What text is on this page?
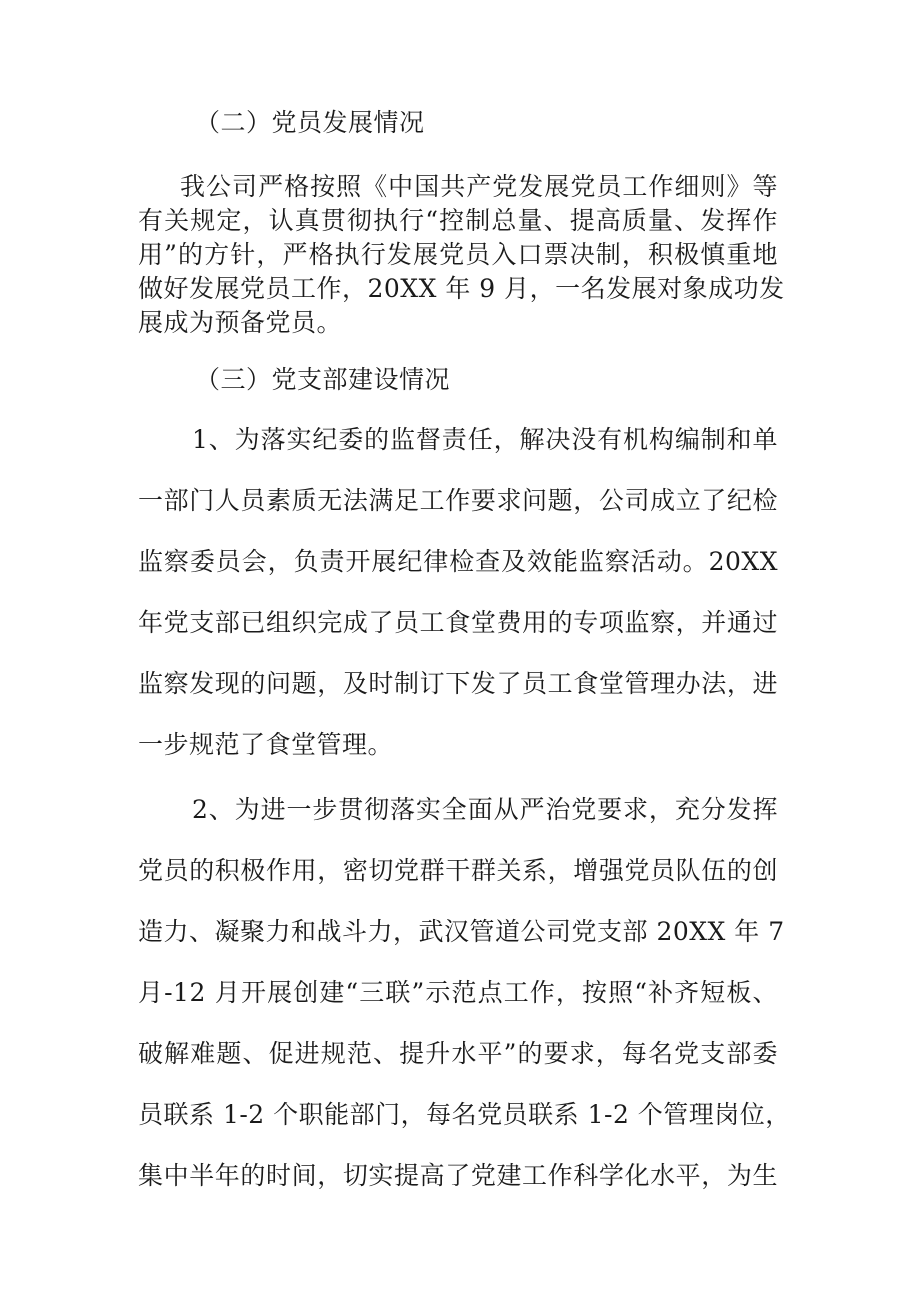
（二）党员发展情况
我公司严格按照《中国共产党发展党员工作细则》等
有关规定，认真贯彻执行“控制总量、提高质量、发挥作
用”的方针，严格执行发展党员入口票决制，积极慎重地
做好发展党员工作，20XX 年 9 月，一名发展对象成功发
展成为预备党员。
（三）党支部建设情况
1、为落实纪委的监督责任，解决没有机构编制和单
一部门人员素质无法满足工作要求问题，公司成立了纪检
监察委员会，负责开展纪律检查及效能监察活动。20XX
年党支部已组织完成了员工食堂费用的专项监察，并通过
监察发现的问题，及时制订下发了员工食堂管理办法，进
一步规范了食堂管理。
2、为进一步贯彻落实全面从严治党要求，充分发挥
党员的积极作用，密切党群干群关系，增强党员队伍的创
造力、凝聚力和战斗力，武汉管道公司党支部 20XX 年 7
月-12 月开展创建“三联”示范点工作，按照“补齐短板、
破解难题、促进规范、提升水平”的要求，每名党支部委
员联系 1-2 个职能部门，每名党员联系 1-2 个管理岗位，
集中半年的时间，切实提高了党建工作科学化水平，为生
